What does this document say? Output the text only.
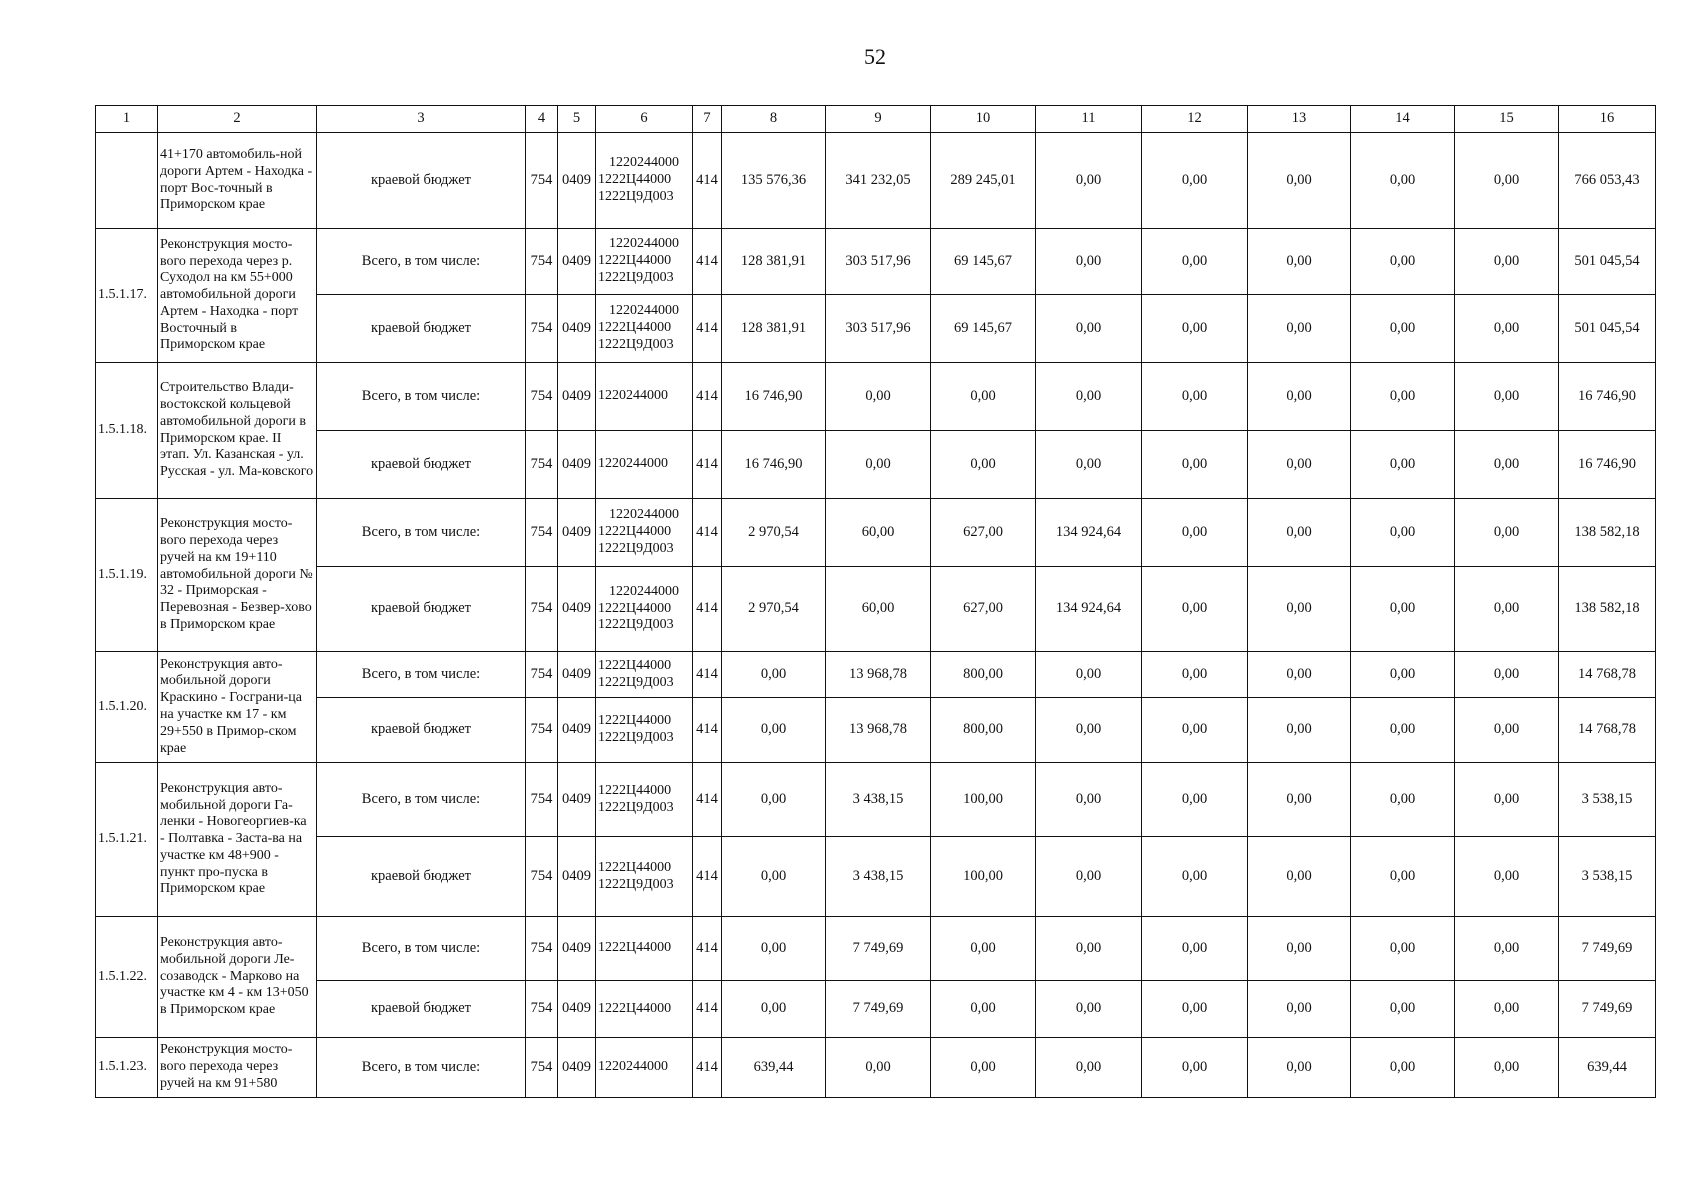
52
1	2	3	4	5	6	7	8	9	10	11	12	13	14	15	16
	41+170 автомобиль-ной дороги Артем - Находка - порт Вос-точный в Приморском крае	краевой бюджет	754	0409	1220244000
1222Ц44000
1222Ц9Д003	414	135 576,36	341 232,05	289 245,01	0,00	0,00	0,00	0,00	0,00	766 053,43
1.5.1.17.	Реконструкция мосто-вого перехода через р. Суходол на км 55+000 автомобильной дороги Артем - Находка - порт Восточный в Приморском крае	Всего, в том числе:	754	0409	1220244000
1222Ц44000
1222Ц9Д003	414	128 381,91	303 517,96	69 145,67	0,00	0,00	0,00	0,00	0,00	501 045,54
		краевой бюджет	754	0409	1220244000
1222Ц44000
1222Ц9Д003	414	128 381,91	303 517,96	69 145,67	0,00	0,00	0,00	0,00	0,00	501 045,54
1.5.1.18.	Строительство Влади-востокской кольцевой автомобильной дороги в Приморском крае. II этап. Ул. Казанская - ул. Русская - ул. Ма-ковского	Всего, в том числе:	754	0409	1220244000	414	16 746,90	0,00	0,00	0,00	0,00	0,00	0,00	0,00	16 746,90
		краевой бюджет	754	0409	1220244000	414	16 746,90	0,00	0,00	0,00	0,00	0,00	0,00	0,00	16 746,90
1.5.1.19.	Реконструкция мосто-вого перехода через ручей на км 19+110 автомобильной дороги № 32 - Приморская - Перевозная - Безвер-хово в Приморском крае	Всего, в том числе:	754	0409	1220244000
1222Ц44000
1222Ц9Д003	414	2 970,54	60,00	627,00	134 924,64	0,00	0,00	0,00	0,00	138 582,18
		краевой бюджет	754	0409	1220244000
1222Ц44000
1222Ц9Д003	414	2 970,54	60,00	627,00	134 924,64	0,00	0,00	0,00	0,00	138 582,18
1.5.1.20.	Реконструкция авто-мобильной дороги Краскино - Госграни-ца на участке км 17 - км 29+550 в Примор-ском крае	Всего, в том числе:	754	0409	1222Ц44000
1222Ц9Д003	414	0,00	13 968,78	800,00	0,00	0,00	0,00	0,00	0,00	14 768,78
		краевой бюджет	754	0409	1222Ц44000
1222Ц9Д003	414	0,00	13 968,78	800,00	0,00	0,00	0,00	0,00	0,00	14 768,78
1.5.1.21.	Реконструкция авто-мобильной дороги Га-ленки - Новогеоргиев-ка - Полтавка - Заста-ва на участке км 48+900 - пункт про-пуска в Приморском крае	Всего, в том числе:	754	0409	1222Ц44000
1222Ц9Д003	414	0,00	3 438,15	100,00	0,00	0,00	0,00	0,00	0,00	3 538,15
		краевой бюджет	754	0409	1222Ц44000
1222Ц9Д003	414	0,00	3 438,15	100,00	0,00	0,00	0,00	0,00	0,00	3 538,15
1.5.1.22.	Реконструкция авто-мобильной дороги Ле-созаводск - Марково на участке км 4 - км 13+050 в Приморском крае	Всего, в том числе:	754	0409	1222Ц44000	414	0,00	7 749,69	0,00	0,00	0,00	0,00	0,00	0,00	7 749,69
		краевой бюджет	754	0409	1222Ц44000	414	0,00	7 749,69	0,00	0,00	0,00	0,00	0,00	0,00	7 749,69
1.5.1.23.	Реконструкция мосто-вого перехода через ручей на км 91+580	Всего, в том числе:	754	0409	1220244000	414	639,44	0,00	0,00	0,00	0,00	0,00	0,00	0,00	639,44
